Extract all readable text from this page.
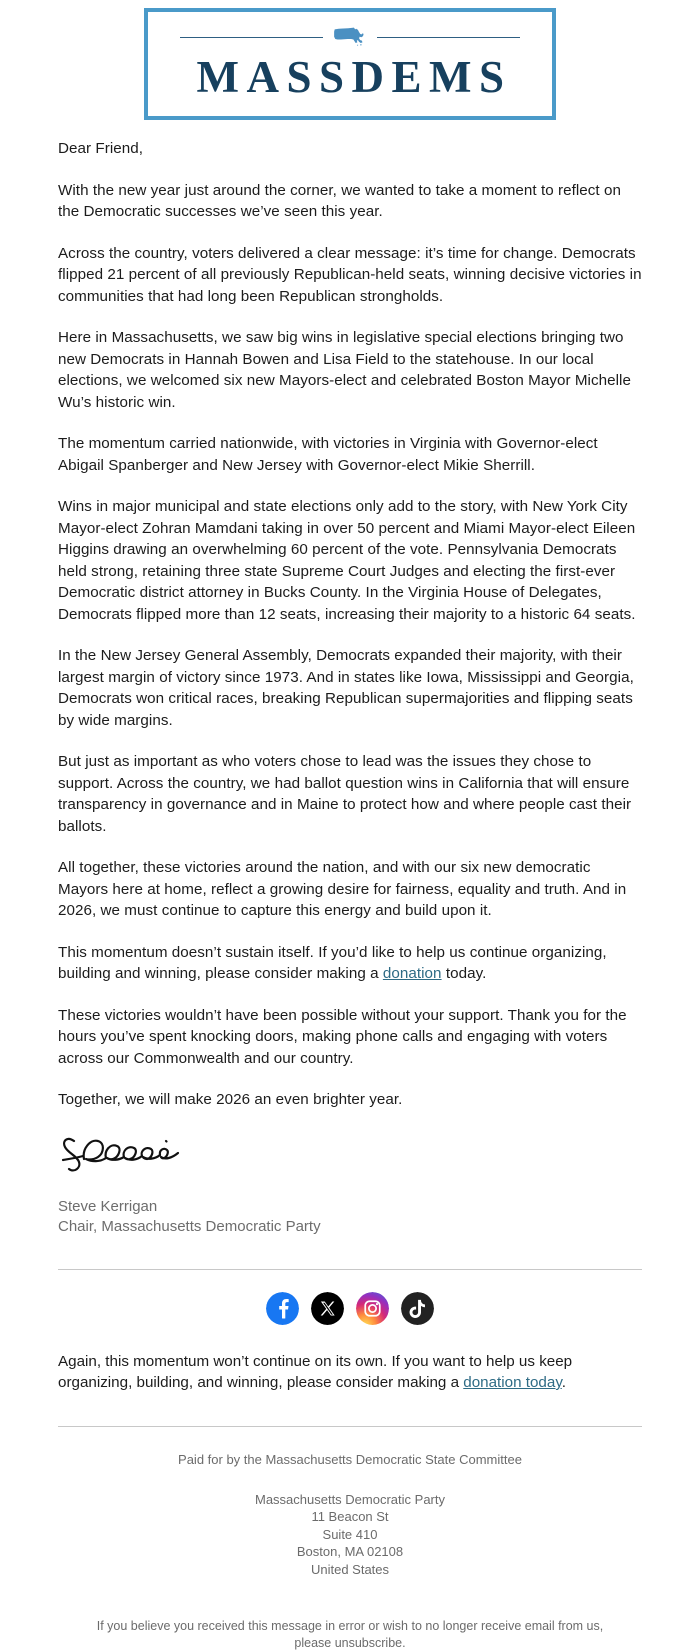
MASSDEMS

Dear Friend,

With the new year just around the corner, we wanted to take a moment to reflect on the Democratic successes we’ve seen this year.

Across the country, voters delivered a clear message: it’s time for change. Democrats flipped 21 percent of all previously Republican-held seats, winning decisive victories in communities that had long been Republican strongholds.

Here in Massachusetts, we saw big wins in legislative special elections bringing two new Democrats in Hannah Bowen and Lisa Field to the statehouse. In our local elections, we welcomed six new Mayors-elect and celebrated Boston Mayor Michelle Wu’s historic win.

The momentum carried nationwide, with victories in Virginia with Governor-elect Abigail Spanberger and New Jersey with Governor-elect Mikie Sherrill.

Wins in major municipal and state elections only add to the story, with New York City Mayor-elect Zohran Mamdani taking in over 50 percent and Miami Mayor-elect Eileen Higgins drawing an overwhelming 60 percent of the vote. Pennsylvania Democrats held strong, retaining three state Supreme Court Judges and electing the first-ever Democratic district attorney in Bucks County. In the Virginia House of Delegates, Democrats flipped more than 12 seats, increasing their majority to a historic 64 seats.

In the New Jersey General Assembly, Democrats expanded their majority, with their largest margin of victory since 1973. And in states like Iowa, Mississippi and Georgia, Democrats won critical races, breaking Republican supermajorities and flipping seats by wide margins.

But just as important as who voters chose to lead was the issues they chose to support. Across the country, we had ballot question wins in California that will ensure transparency in governance and in Maine to protect how and where people cast their ballots.

All together, these victories around the nation, and with our six new democratic Mayors here at home, reflect a growing desire for fairness, equality and truth. And in 2026, we must continue to capture this energy and build upon it.

This momentum doesn’t sustain itself. If you’d like to help us continue organizing, building and winning, please consider making a donation today.

These victories wouldn’t have been possible without your support. Thank you for the hours you’ve spent knocking doors, making phone calls and engaging with voters across our Commonwealth and our country.

Together, we will make 2026 an even brighter year.

Steve Kerrigan

Chair, Massachusetts Democratic Party

Again, this momentum won’t continue on its own. If you want to help us keep organizing, building, and winning, please consider making a donation today.

Paid for by the Massachusetts Democratic State Committee

Massachusetts Democratic Party

11 Beacon St

Suite 410

Boston, MA 02108

United States

If you believe you received this message in error or wish to no longer receive email from us, please unsubscribe.
